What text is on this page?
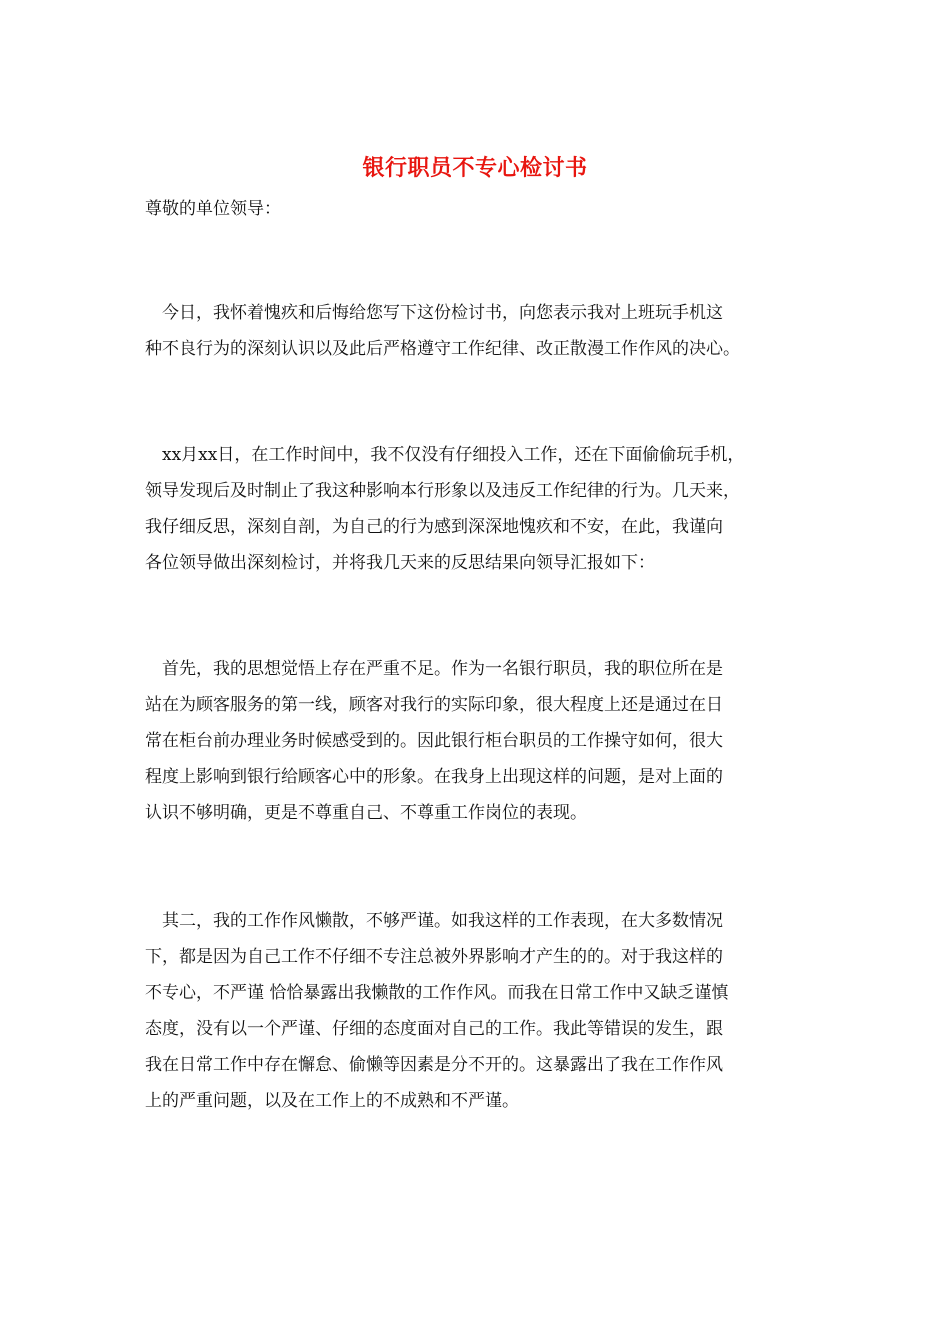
银行职员不专心检讨书
尊敬的单位领导：
　今日，我怀着愧疚和后悔给您写下这份检讨书，向您表示我对上班玩手机这
种不良行为的深刻认识以及此后严格遵守工作纪律、改正散漫工作作风的决心。
　xx月xx日，在工作时间中，我不仅没有仔细投入工作，还在下面偷偷玩手机，
领导发现后及时制止了我这种影响本行形象以及违反工作纪律的行为。几天来，
我仔细反思，深刻自剖，为自己的行为感到深深地愧疚和不安，在此，我谨向
各位领导做出深刻检讨，并将我几天来的反思结果向领导汇报如下：
　首先，我的思想觉悟上存在严重不足。作为一名银行职员，我的职位所在是
站在为顾客服务的第一线，顾客对我行的实际印象，很大程度上还是通过在日
常在柜台前办理业务时候感受到的。因此银行柜台职员的工作操守如何，很大
程度上影响到银行给顾客心中的形象。在我身上出现这样的问题，是对上面的
认识不够明确，更是不尊重自己、不尊重工作岗位的表现。
　其二，我的工作作风懒散，不够严谨。如我这样的工作表现，在大多数情况
下，都是因为自己工作不仔细不专注总被外界影响才产生的的。对于我这样的
不专心，不严谨 恰恰暴露出我懒散的工作作风。而我在日常工作中又缺乏谨慎
态度，没有以一个严谨、仔细的态度面对自己的工作。我此等错误的发生，跟
我在日常工作中存在懈怠、偷懒等因素是分不开的。这暴露出了我在工作作风
上的严重问题，以及在工作上的不成熟和不严谨。
